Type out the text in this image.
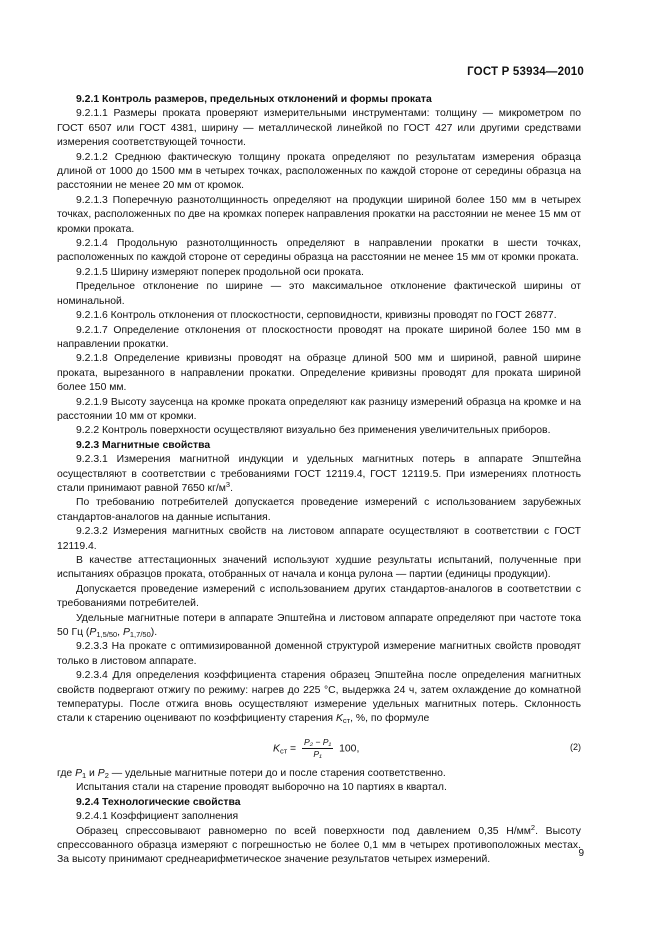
ГОСТ Р 53934—2010

9.2.1 Контроль размеров, предельных отклонений и формы проката

9.2.1.1 Размеры проката проверяют измерительными инструментами: толщину — микрометром по ГОСТ 6507 или ГОСТ 4381, ширину — металлической линейкой по ГОСТ 427 или другими средствами измерения соответствующей точности.

9.2.1.2 Среднюю фактическую толщину проката определяют по результатам измерения образца длиной от 1000 до 1500 мм в четырех точках, расположенных по каждой стороне от середины образца на расстоянии не менее 20 мм от кромок.

9.2.1.3 Поперечную разнотолщинность определяют на продукции шириной более 150 мм в четырех точках, расположенных по две на кромках поперек направления прокатки на расстоянии не менее 15 мм от кромки проката.

9.2.1.4 Продольную разнотолщинность определяют в направлении прокатки в шести точках, расположенных по каждой стороне от середины образца на расстоянии не менее 15 мм от кромки проката.

9.2.1.5 Ширину измеряют поперек продольной оси проката.

Предельное отклонение по ширине — это максимальное отклонение фактической ширины от номинальной.

9.2.1.6 Контроль отклонения от плоскостности, серповидности, кривизны проводят по ГОСТ 26877.

9.2.1.7 Определение отклонения от плоскостности проводят на прокате шириной более 150 мм в направлении прокатки.

9.2.1.8 Определение кривизны проводят на образце длиной 500 мм и шириной, равной ширине проката, вырезанного в направлении прокатки. Определение кривизны проводят для проката шириной более 150 мм.

9.2.1.9 Высоту заусенца на кромке проката определяют как разницу измерений образца на кромке и на расстоянии 10 мм от кромки.

9.2.2 Контроль поверхности осуществляют визуально без применения увеличительных приборов.

9.2.3 Магнитные свойства

9.2.3.1 Измерения магнитной индукции и удельных магнитных потерь в аппарате Эпштейна осуществляют в соответствии с требованиями ГОСТ 12119.4, ГОСТ 12119.5. При измерениях плотность стали принимают равной 7650 $кг/м^3$.

По требованию потребителей допускается проведение измерений с использованием зарубежных стандартов-аналогов на данные испытания.

9.2.3.2 Измерения магнитных свойств на листовом аппарате осуществляют в соответствии с ГОСТ 12119.4.

В качестве аттестационных значений используют худшие результаты испытаний, полученные при испытаниях образцов проката, отобранных от начала и конца рулона — партии (единицы продукции).

Допускается проведение измерений с использованием других стандартов-аналогов в соответствии с требованиями потребителей.

Удельные магнитные потери в аппарате Эпштейна и листовом аппарате определяют при частоте тока 50 Гц ($P_{1,5/50}$, $P_{1,7/50}$).

9.2.3.3 На прокате с оптимизированной доменной структурой измерение магнитных свойств проводят только в листовом аппарате.

9.2.3.4 Для определения коэффициента старения образец Эпштейна после определения магнитных свойств подвергают отжигу по режиму: нагрев до 225 °С, выдержка 24 ч, затем охлаждение до комнатной температуры. После отжига вновь осуществляют измерение удельных магнитных потерь. Склонность стали к старению оценивают по коэффициенту старения $K_{ст}$, %, по формуле

$K_{ст} = \frac{\text{P₂ − P₁}}{\text{P₁}} 100$,	(2)

где $P_1$ и $P_2$ — удельные магнитные потери до и после старения соответственно.

Испытания стали на старение проводят выборочно на 10 партиях в квартал.

9.2.4 Технологические свойства

9.2.4.1 Коэффициент заполнения

Образец спрессовывают равномерно по всей поверхности под давлением 0,35 $Н/мм^2$. Высоту спрессованного образца измеряют с погрешностью не более 0,1 мм в четырех противоположных местах. За высоту принимают среднеарифметическое значение результатов четырех измерений.

9
